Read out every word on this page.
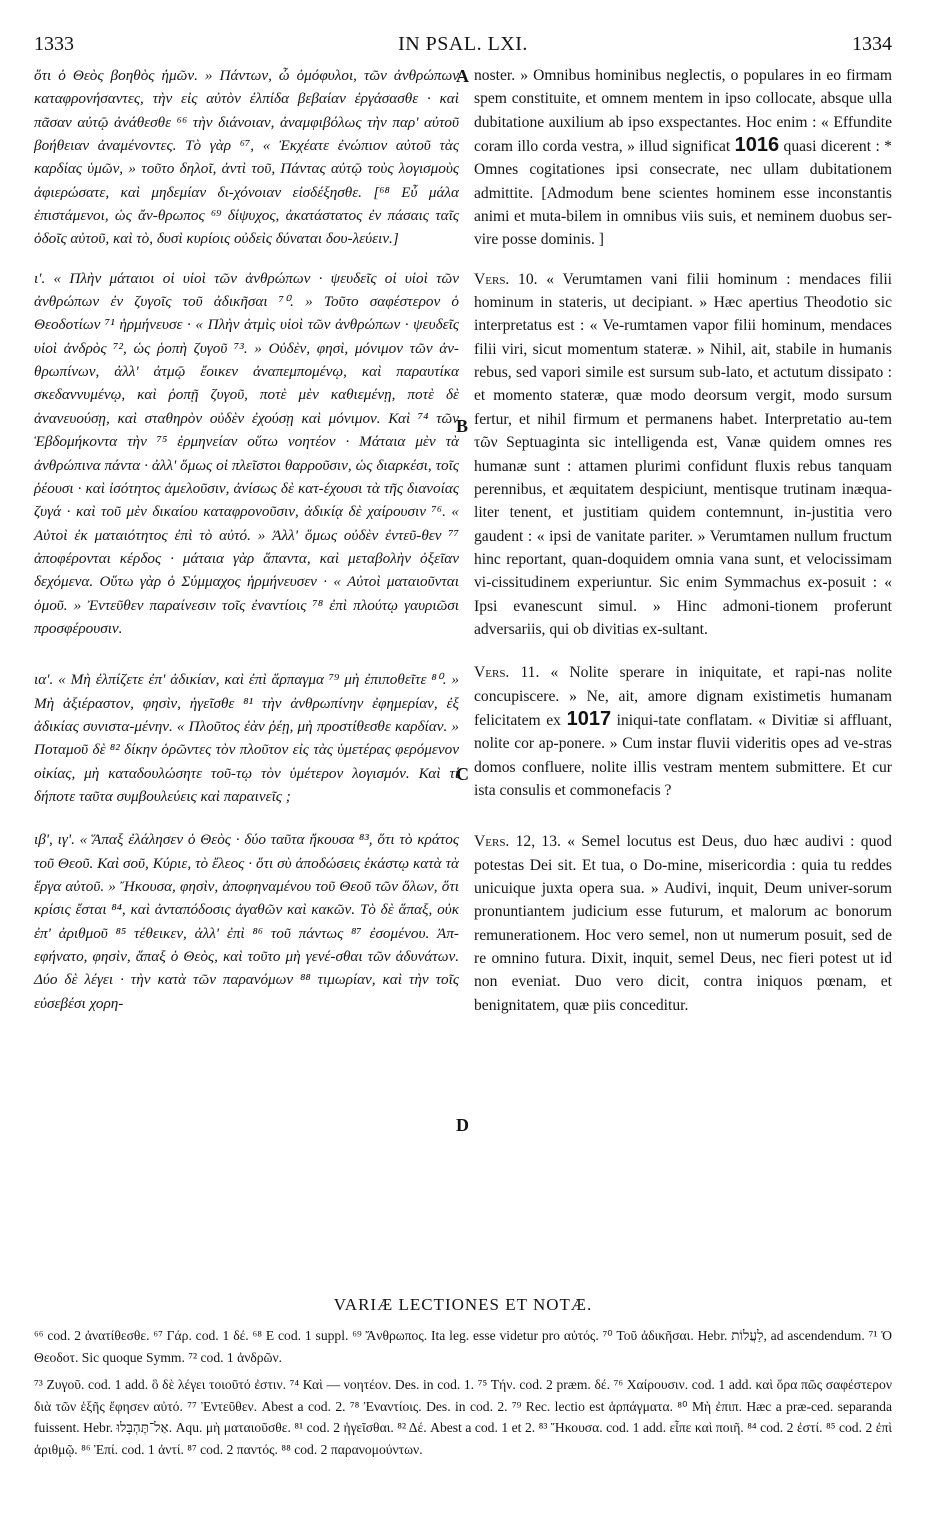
1333	IN PSAL. LXI.	1334

ὅτι ὁ Θεὸς βοηθὸς ἡμῶν. » Πάντων, ὦ ὁμόφυλοι, τῶν ἀνθρώπων καταφρονήσαντες, τὴν εἰς αὐτὸν ἐλπίδα βεβαίαν ἐργάσασθε · καὶ πᾶσαν αὐτῷ ἀνάθεσθε ⁶⁶ τὴν διάνοιαν, ἀναμφιβόλως τὴν παρ' αὐτοῦ βοήθειαν ἀναμένοντες. Τὸ γὰρ ⁶⁷, « Ἐκχέατε ἐνώπιον αὐτοῦ τὰς καρδίας ὑμῶν, » τοῦτο δηλοῖ, ἀντὶ τοῦ, Πάντας αὐτῷ τοὺς λογισμοὺς ἀφιερώσατε, καὶ μηδεμίαν δι-χόνοιαν εἰσδέξησθε. [⁶⁸ Εὖ μάλα ἐπιστάμενοι, ὡς ἄν-θρωπος ⁶⁹ δίψυχος, ἀκατάστατος ἐν πάσαις ταῖς ὁδοῖς αὐτοῦ, καὶ τὸ, δυσὶ κυρίοις οὐδεὶς δύναται δου-λεύειν.]

ι'. « Πλὴν μάταιοι οἱ υἱοὶ τῶν ἀνθρώπων · ψευδεῖς οἱ υἱοὶ τῶν ἀνθρώπων ἐν ζυγοῖς τοῦ ἀδικῆσαι ⁷⁰. » Τοῦτο σαφέστερον ὁ Θεοδοτίων ⁷¹ ἡρμήνευσε · « Πλὴν ἀτμὶς υἱοὶ τῶν ἀνθρώπων · ψευδεῖς υἱοὶ ἀνδρὸς ⁷², ὡς ῥοπὴ ζυγοῦ ⁷³. » Οὐδὲν, φησὶ, μόνιμον τῶν ἀν-θρωπίνων, ἀλλ' ἀτμῷ ἔοικεν ἀναπεμπομένῳ, καὶ παραυτίκα σκεδαννυμένῳ, καὶ ῥοπῇ ζυγοῦ, ποτὲ μὲν καθιεμένῃ, ποτὲ δὲ ἀνανευούσῃ, καὶ σταθηρὸν οὐδὲν ἐχούσῃ καὶ μόνιμον. Καὶ ⁷⁴ τῶν Ἑβδομήκοντα τὴν ⁷⁵ ἑρμηνείαν οὕτω νοητέον · Μάταια μὲν τὰ ἀνθρώπινα πάντα · ἀλλ' ὅμως οἱ πλεῖστοι θαρροῦσιν, ὡς διαρκέσι, τοῖς ῥέουσι · καὶ ἰσότητος ἀμελοῦσιν, ἀνίσως δὲ κατ-έχουσι τὰ τῆς διανοίας ζυγά · καὶ τοῦ μὲν δικαίου καταφρονοῦσιν, ἀδικίᾳ δὲ χαίρουσιν ⁷⁶. « Αὐτοὶ ἐκ ματαιότητος ἐπὶ τὸ αὐτό. » Ἀλλ' ὅμως οὐδὲν ἐντεῦ-θεν ⁷⁷ ἀποφέρονται κέρδος · μάταια γὰρ ἅπαντα, καὶ μεταβολὴν ὀξεῖαν δεχόμενα. Οὕτω γὰρ ὁ Σύμμαχος ἡρμήνευσεν · « Αὐτοὶ ματαιοῦνται ὁμοῦ. » Ἐντεῦθεν παραίνεσιν τοῖς ἐναντίοις ⁷⁸ ἐπὶ πλούτῳ γαυριῶσι προσφέρουσιν.

ια'. « Μὴ ἐλπίζετε ἐπ' ἀδικίαν, καὶ ἐπὶ ἅρπαγμα ⁷⁹ μὴ ἐπιποθεῖτε ⁸⁰. » Μὴ ἀξιέραστον, φησὶν, ἡγεῖσθε ⁸¹ τὴν ἀνθρωπίνην ἐφημερίαν, ἐξ ἀδικίας συνιστα-μένην. « Πλοῦτος ἐὰν ῥέῃ, μὴ προστίθεσθε καρδίαν. » Ποταμοῦ δὲ ⁸² δίκην ὁρῶντες τὸν πλοῦτον εἰς τὰς ὑμετέρας φερόμενον οἰκίας, μὴ καταδουλώσητε τοῦ-τῳ τὸν ὑμέτερον λογισμόν. Καὶ τί δήποτε ταῦτα συμβουλεύεις καὶ παραινεῖς ;

ιβ', ιγ'. « Ἅπαξ ἐλάλησεν ὁ Θεὸς · δύο ταῦτα ἤκουσα ⁸³, ὅτι τὸ κράτος τοῦ Θεοῦ. Καὶ σοῦ, Κύριε, τὸ ἔλεος · ὅτι σὺ ἀποδώσεις ἑκάστῳ κατὰ τὰ ἔργα αὐτοῦ. » Ἤκουσα, φησὶν, ἀποφηναμένου τοῦ Θεοῦ τῶν ὅλων, ὅτι κρίσις ἔσται ⁸⁴, καὶ ἀνταπόδοσις ἀγαθῶν καὶ κακῶν. Τὸ δὲ ἅπαξ, οὐκ ἐπ' ἀριθμοῦ ⁸⁵ τέθεικεν, ἀλλ' ἐπὶ ⁸⁶ τοῦ πάντως ⁸⁷ ἐσομένου. Ἀπ-εφήνατο, φησὶν, ἅπαξ ὁ Θεὸς, καὶ τοῦτο μὴ γενέ-σθαι τῶν ἀδυνάτων. Δύο δὲ λέγει · τὴν κατὰ τῶν παρανόμων ⁸⁸ τιμωρίαν, καὶ τὴν τοῖς εὐσεβέσι χορη-

A
B
C
D

noster. » Omnibus hominibus neglectis, o populares in eo firmam spem constituite, et omnem mentem in ipso collocate, absque ulla dubitatione auxilium ab ipso exspectantes. Hoc enim : « Effundite coram illo corda vestra, » illud significat 1016 quasi dicerent : * Omnes cogitationes ipsi consecrate, nec ullam dubitationem admittite. [Admodum bene scientes hominem esse inconstantis animi et muta-bilem in omnibus viis suis, et neminem duobus ser-vire posse dominis. ]

Vers. 10. « Verumtamen vani filii hominum : mendaces filii hominum in stateris, ut decipiant. » Hæc apertius Theodotio sic interpretatus est : « Ve-rumtamen vapor filii hominum, mendaces filii viri, sicut momentum stateræ. » Nihil, ait, stabile in humanis rebus, sed vapori simile est sursum sub-lato, et actutum dissipato : et momento stateræ, quæ modo deorsum vergit, modo sursum fertur, et nihil firmum et permanens habet. Interpretatio au-tem τῶν Septuaginta sic intelligenda est, Vanæ quidem omnes res humanæ sunt : attamen plurimi confidunt fluxis rebus tanquam perennibus, et æquitatem despiciunt, mentisque trutinam inæqua-liter tenent, et justitiam quidem contemnunt, in-justitia vero gaudent : « ipsi de vanitate pariter. » Verumtamen nullum fructum hinc reportant, quan-doquidem omnia vana sunt, et velocissimam vi-cissitudinem experiuntur. Sic enim Symmachus ex-posuit : « Ipsi evanescunt simul. » Hinc admoni-tionem proferunt adversariis, qui ob divitias ex-sultant.

Vers. 11. « Nolite sperare in iniquitate, et rapi-nas nolite concupiscere. » Ne, ait, amore dignam existimetis humanam felicitatem ex 1017 iniqui-tate conflatam. « Divitiæ si affluant, nolite cor ap-ponere. » Cum instar fluvii videritis opes ad ve-stras domos confluere, nolite illis vestram mentem submittere. Et cur ista consulis et commonefacis ?

Vers. 12, 13. « Semel locutus est Deus, duo hæc audivi : quod potestas Dei sit. Et tua, o Do-mine, misericordia : quia tu reddes unicuique juxta opera sua. » Audivi, inquit, Deum univer-sorum pronuntiantem judicium esse futurum, et malorum ac bonorum remunerationem. Hoc vero semel, non ut numerum posuit, sed de re omnino futura. Dixit, inquit, semel Deus, nec fieri potest ut id non eveniat. Duo vero dicit, contra iniquos pœnam, et benignitatem, quæ piis conceditur.

VARIÆ LECTIONES ET NOTÆ.

⁶⁶ cod. 2 ἀνατίθεσθε. ⁶⁷ Γάρ. cod. 1 δέ. ⁶⁸ E cod. 1 suppl. ⁶⁹ Ἄνθρωπος. Ita leg. esse videtur pro αὐτός. ⁷⁰ Τοῦ ἀδικῆσαι. Hebr. לַעֲלוֹת, ad ascendendum. ⁷¹ Ὁ Θεοδοτ. Sic quoque Symm. ⁷² cod. 1 ἀνδρῶν.

⁷³ Ζυγοῦ. cod. 1 add. ὃ δὲ λέγει τοιοῦτό ἐστιν. ⁷⁴ Καὶ — νοητέον. Des. in cod. 1. ⁷⁵ Τήν. cod. 2 præm. δέ. ⁷⁶ Χαίρουσιν. cod. 1 add. καὶ ὅρα πῶς σαφέστερον διὰ τῶν ἑξῆς ἔφησεν αὐτό. ⁷⁷ Ἐντεῦθεν. Abest a cod. 2. ⁷⁸ Ἐναντίοις. Des. in cod. 2. ⁷⁹ Rec. lectio est ἁρπάγματα. ⁸⁰ Μὴ ἐπιπ. Hæc a præ-ced. separanda fuissent. Hebr. אַל־תֶּהְבָּלוּ. Aqu. μὴ ματαιοῦσθε. ⁸¹ cod. 2 ἡγεῖσθαι. ⁸² Δέ. Abest a cod. 1 et 2. ⁸³ Ἤκουσα. cod. 1 add. εἶπε καὶ ποιῆ. ⁸⁴ cod. 2 ἐστί. ⁸⁵ cod. 2 ἐπὶ ἀριθμῷ. ⁸⁶ Ἐπί. cod. 1 ἀντί. ⁸⁷ cod. 2 παντός. ⁸⁸ cod. 2 παρανομούντων.
